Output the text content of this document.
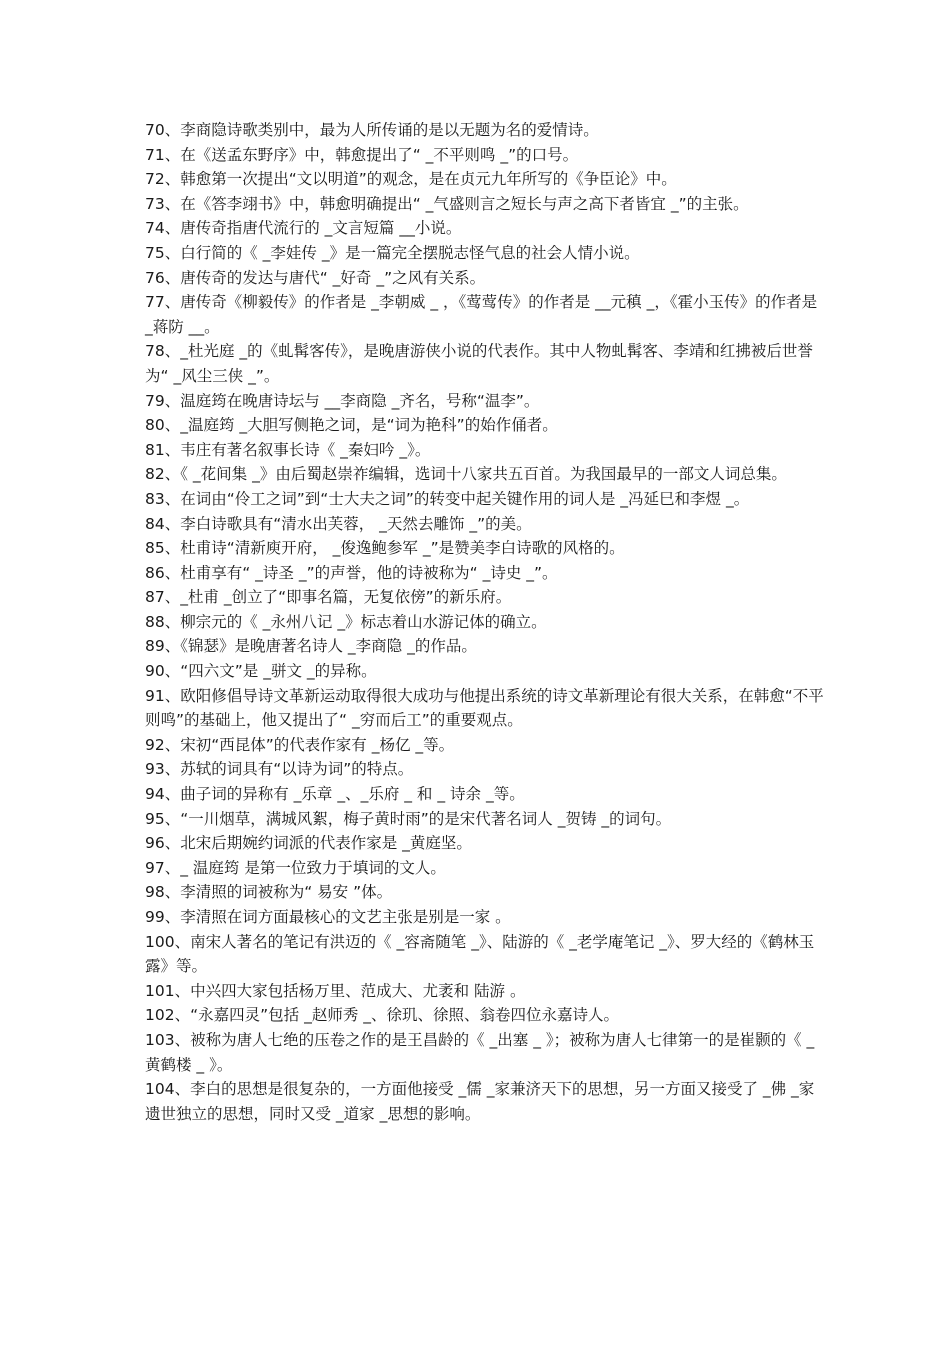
70、李商隐诗歌类别中，最为人所传诵的是以无题为名的爱情诗。

71、在《送孟东野序》中，韩愈提出了“ _不平则鸣 _”的口号。

72、韩愈第一次提出“文以明道”的观念，是在贞元九年所写的《争臣论》中。

73、在《答李翊书》中，韩愈明确提出“ _气盛则言之短长与声之高下者皆宜 _”的主张。

74、唐传奇指唐代流行的 _文言短篇 __小说。

75、白行简的《 _李娃传 _》是一篇完全摆脱志怪气息的社会人情小说。

76、唐传奇的发达与唐代“ _好奇 _”之风有关系。

77、唐传奇《柳毅传》的作者是 _李朝威 _ ，《莺莺传》的作者是 __元稹 _，《霍小玉传》的作者是 _蒋防 __。

78、_杜光庭 _的《虬髯客传》，是晚唐游侠小说的代表作。其中人物虬髯客、李靖和红拂被后世誉为“ _风尘三侠 _”。

79、温庭筠在晚唐诗坛与 __李商隐 _齐名，号称“温李”。

80、_温庭筠 _大胆写侧艳之词，是“词为艳科”的始作俑者。

81、韦庄有著名叙事长诗《 _秦妇吟 _》。

82、《 _花间集 _》由后蜀赵崇祚编辑，选词十八家共五百首。为我国最早的一部文人词总集。

83、在词由“伶工之词”到“士大夫之词”的转变中起关键作用的词人是 _冯延巳和李煜 _。

84、李白诗歌具有“清水出芙蓉， _天然去雕饰 _”的美。

85、杜甫诗“清新庾开府， _俊逸鲍参军 _”是赞美李白诗歌的风格的。

86、杜甫享有“ _诗圣 _”的声誉，他的诗被称为“ _诗史 _”。

87、_杜甫 _创立了“即事名篇，无复依傍”的新乐府。

88、柳宗元的《 _永州八记 _》标志着山水游记体的确立。

89、《锦瑟》是晚唐著名诗人 _李商隐 _的作品。

90、“四六文”是 _骈文 _的异称。

91、欧阳修倡导诗文革新运动取得很大成功与他提出系统的诗文革新理论有很大关系，在韩愈“不平则鸣”的基础上，他又提出了“ _穷而后工”的重要观点。

92、宋初“西昆体”的代表作家有 _杨亿 _等。

93、苏轼的词具有“以诗为词”的特点。

94、曲子词的异称有 _乐章 _、_乐府 _ 和 _ 诗余 _等。

95、“一川烟草，满城风絮，梅子黄时雨”的是宋代著名词人 _贺铸 _的词句。

96、北宋后期婉约词派的代表作家是 _黄庭坚。

97、_ 温庭筠 是第一位致力于填词的文人。

98、李清照的词被称为“ 易安 ”体。

99、李清照在词方面最核心的文艺主张是别是一家 。

100、南宋人著名的笔记有洪迈的《 _容斋随笔 _》、陆游的《 _老学庵笔记 _》、罗大经的《鹤林玉露》等。

101、中兴四大家包括杨万里、范成大、尤袤和 陆游 。

102、“永嘉四灵”包括 _赵师秀 _、徐玑、徐照、翁卷四位永嘉诗人。

103、被称为唐人七绝的压卷之作的是王昌龄的《 _出塞 _ 》；被称为唐人七律第一的是崔颢的《 _黄鹤楼 _ 》。

104、李白的思想是很复杂的，一方面他接受 _儒 _家兼济天下的思想，另一方面又接受了 _佛 _家遗世独立的思想，同时又受 _道家 _思想的影响。
